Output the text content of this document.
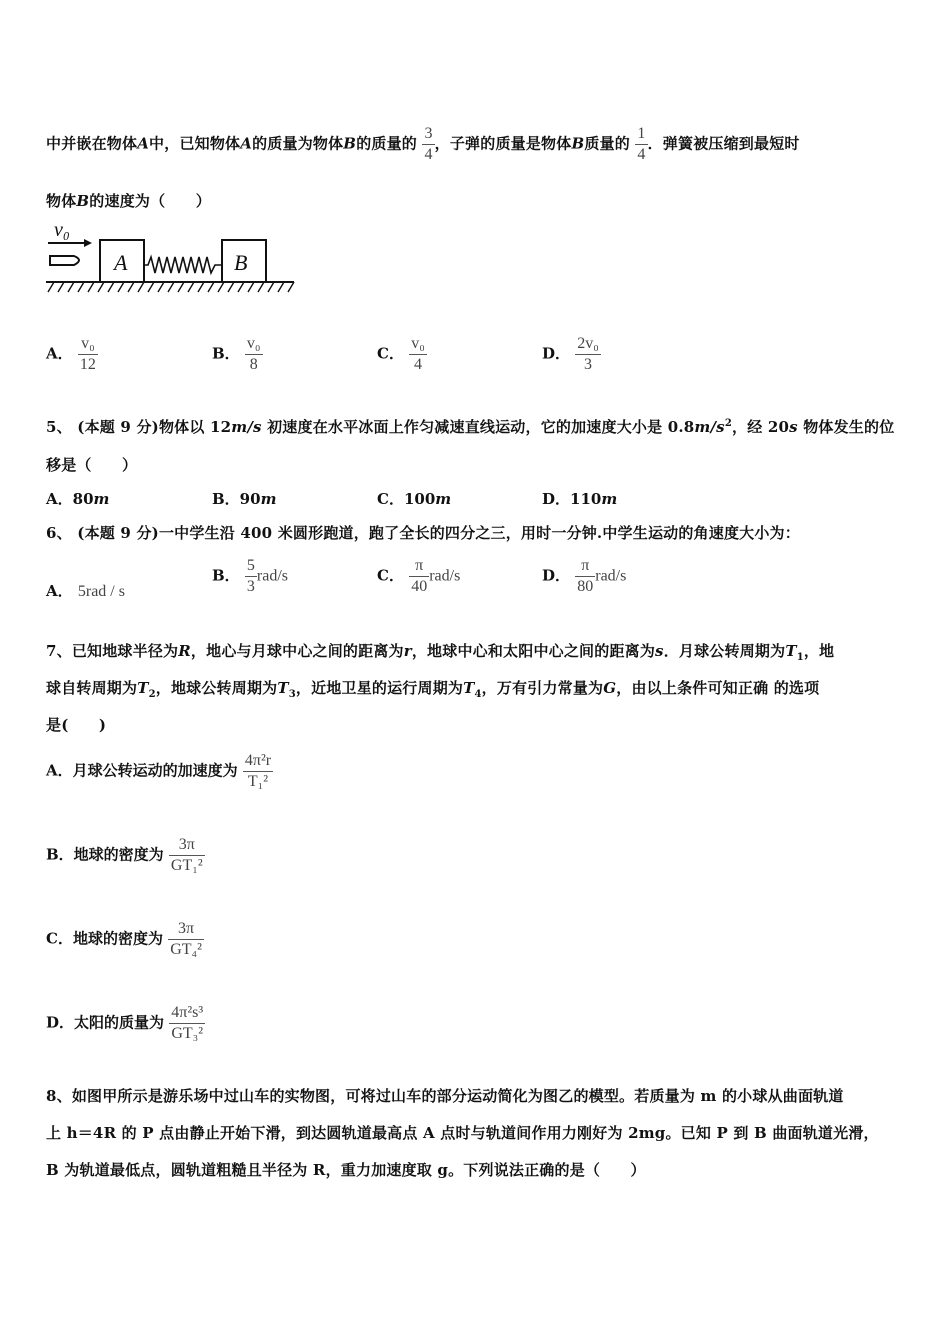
中并嵌在物体A中，已知物体A的质量为物体B的质量的 $\frac{3}{4}$ ，子弹的质量是物体B质量的 $\frac{1}{4}$ ．弹簧被压缩到最短时
物体B的速度为（　　）
v₀
A	B
A． $\frac{\text{v₀}}{12}$	B． $\frac{\text{v₀}}{8}$	C． $\frac{\text{v₀}}{4}$	D． $\frac{\text{2v₀}}{3}$
5、 (本题 9 分)物体以 12m/s 初速度在水平冰面上作匀减速直线运动，它的加速度大小是 $0.8m/s^2$，经 20s 物体发生的位
移是（　　）
A．80m	B．90m	C．100m	D．110m
6、 (本题 9 分)一中学生沿 400 米圆形跑道，跑了全长的四分之三，用时一分钟.中学生运动的角速度大小为：
A． 5rad / s
B． $\frac{5}{3} rad/s$	C． $\frac{\pi}{40} rad/s$	D． $\frac{\pi}{80} rad/s$
7、已知地球半径为R，地心与月球中心之间的距离为r，地球中心和太阳中心之间的距离为s．月球公转周期为$T_1$，地
球自转周期为$T_2$，地球公转周期为$T_3$，近地卫星的运行周期为$T_4$，万有引力常量为G，由以上条件可知正确 的选项
是(　　)
A．月球公转运动的加速度为 $\frac{\text{4π²r}}{\text{T₁²}}$
B．地球的密度为 $\frac{3\pi}{\text{GT₁²}}$
C．地球的密度为 $\frac{3\pi}{\text{GT₄²}}$
D．太阳的质量为 $\frac{\text{4π²s³}}{\text{GT₃²}}$
8、如图甲所示是游乐场中过山车的实物图，可将过山车的部分运动简化为图乙的模型。若质量为 m 的小球从曲面轨道
上 h＝4R 的 P 点由静止开始下滑，到达圆轨道最高点 A 点时与轨道间作用力刚好为 2mg。已知 P 到 B 曲面轨道光滑，
B 为轨道最低点，圆轨道粗糙且半径为 R，重力加速度取 g。下列说法正确的是（　　）
